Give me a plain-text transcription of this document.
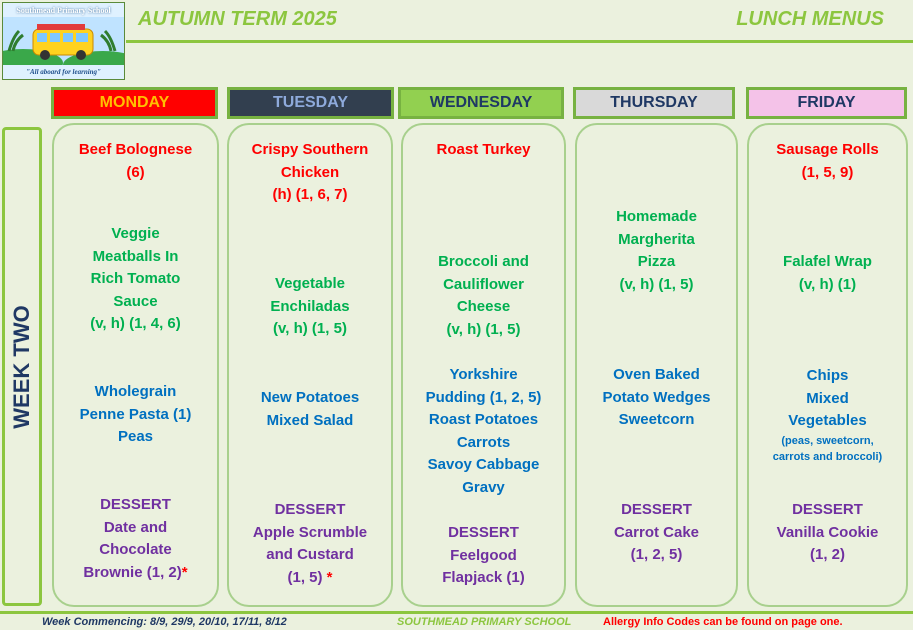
Southmead Primary School
"All aboard for learning"
AUTUMN TERM 2025	LUNCH MENUS
MONDAY	TUESDAY	WEDNESDAY	THURSDAY	FRIDAY
WEEK TWO
Beef Bolognese
(6)
Veggie
Meatballs In
Rich Tomato
Sauce
(v, h) (1, 4, 6)
Wholegrain
Penne Pasta (1)
Peas
DESSERT
Date and
Chocolate
Brownie (1, 2)*
Crispy Southern
Chicken
(h) (1, 6, 7)
Vegetable
Enchiladas
(v, h) (1, 5)
New Potatoes
Mixed Salad
DESSERT
Apple Scrumble
and Custard
(1, 5) *
Roast Turkey
Broccoli and
Cauliflower
Cheese
(v, h) (1, 5)
Yorkshire
Pudding (1, 2, 5)
Roast Potatoes
Carrots
Savoy Cabbage
Gravy
DESSERT
Feelgood
Flapjack (1)
Homemade
Margherita
Pizza
(v, h) (1, 5)
Oven Baked
Potato Wedges
Sweetcorn
DESSERT
Carrot Cake
(1, 2, 5)
Sausage Rolls
(1, 5, 9)
Falafel Wrap
(v, h) (1)
Chips
Mixed
Vegetables
(peas, sweetcorn,
carrots and broccoli)
DESSERT
Vanilla Cookie
(1, 2)
Week Commencing: 8/9, 29/9, 20/10, 17/11, 8/12	SOUTHMEAD PRIMARY SCHOOL	Allergy Info Codes can be found on page one.
